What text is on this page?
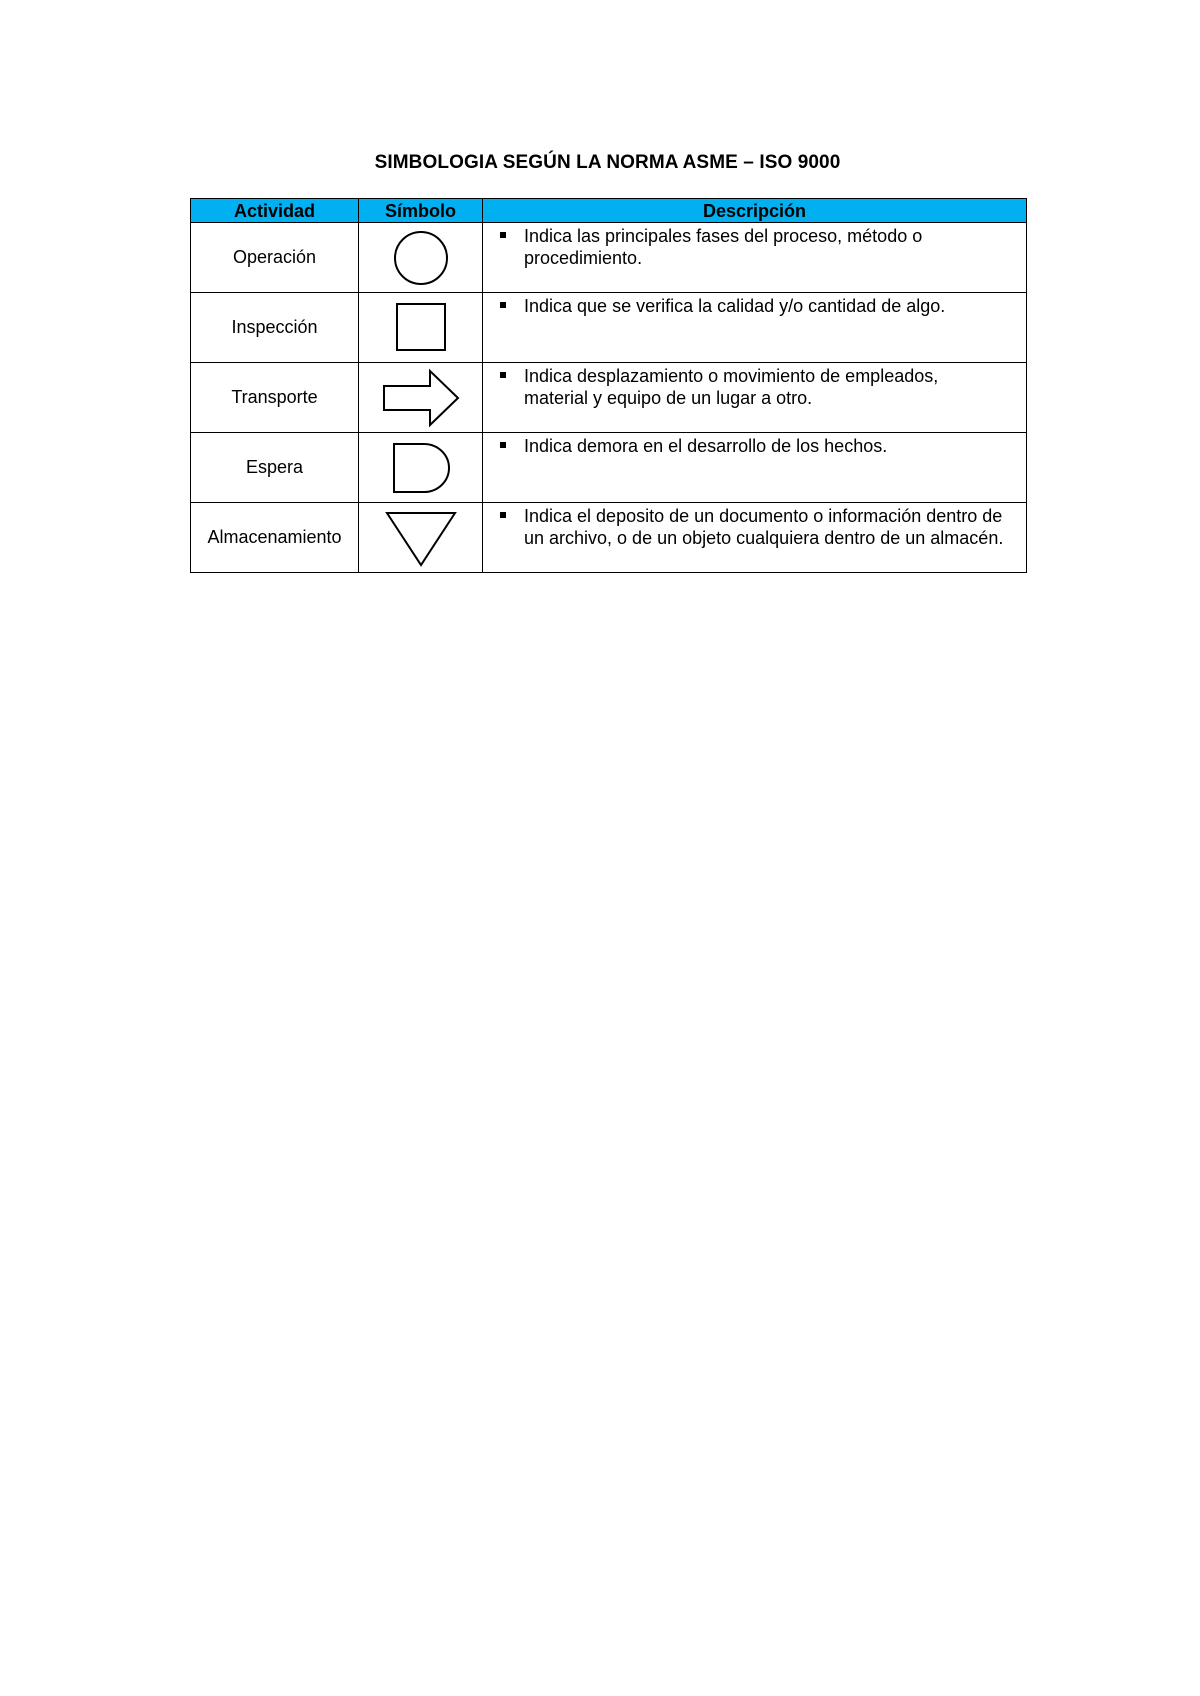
SIMBOLOGIA SEGÚN LA NORMA ASME – ISO 9000
Actividad	Símbolo	Descripción
Operación		Indica las principales fases del proceso, método o procedimiento.

Inspección		Indica que se verifica la calidad y/o cantidad de algo.

Transporte		Indica desplazamiento o movimiento de empleados, material y equipo de un lugar a otro.

Espera		Indica demora en el desarrollo de los hechos.

Almacenamiento		Indica el deposito de un documento o información dentro de un archivo, o de un objeto cualquiera dentro de un almacén.
